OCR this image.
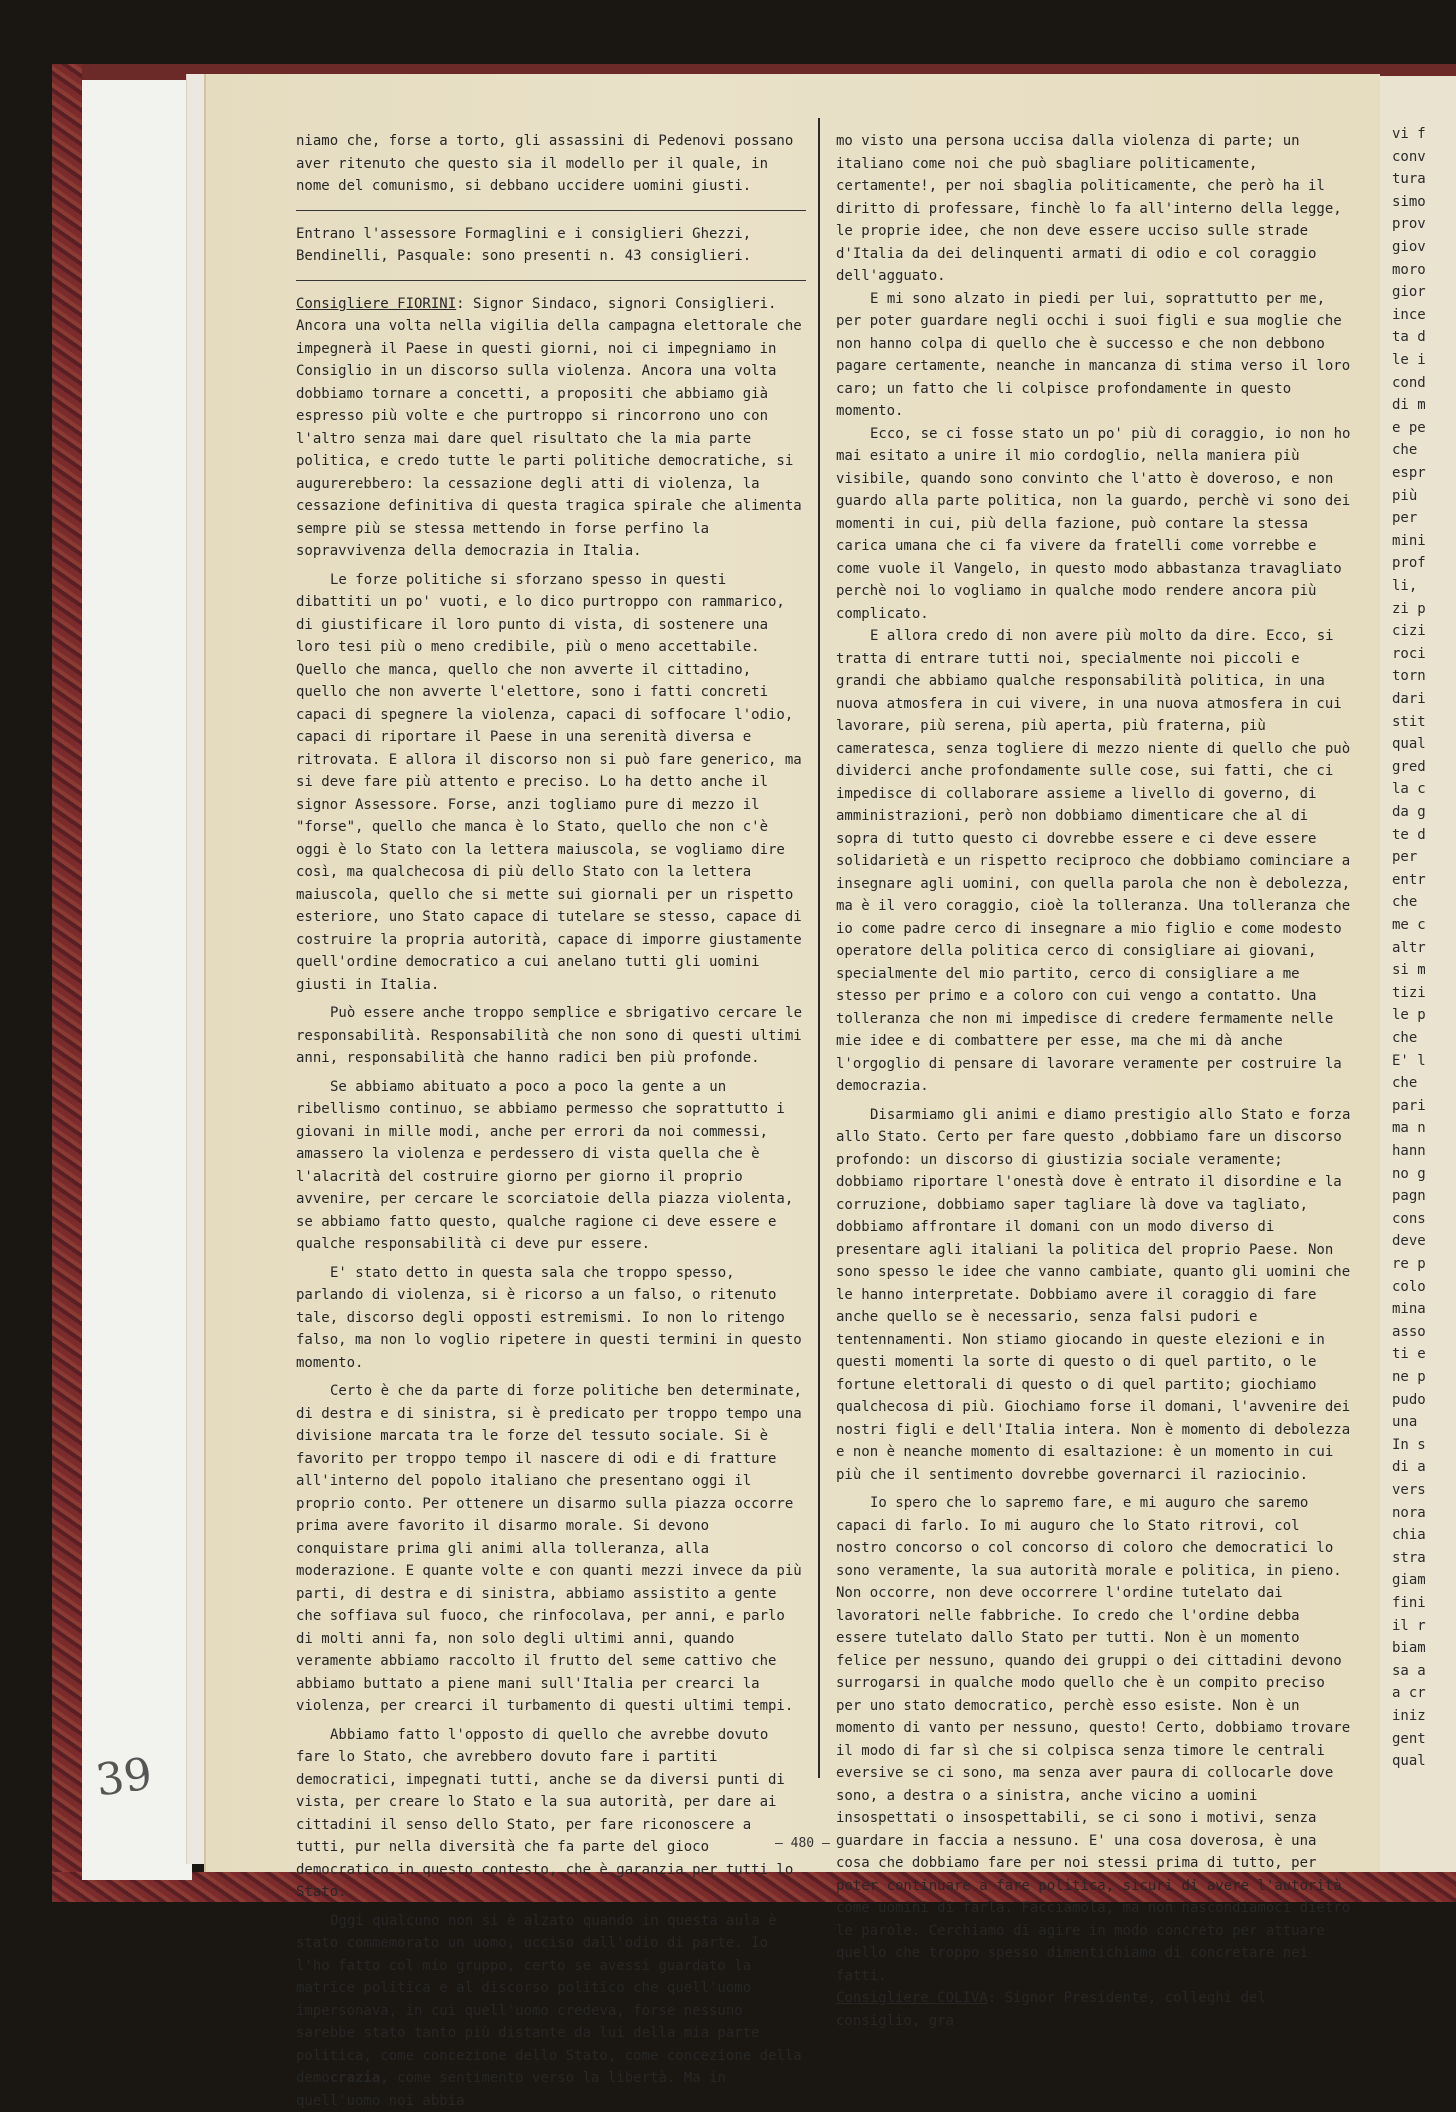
vi f
conv
tura
simo
prov
giov
moro
gior
ince
ta d
le i
cond
di m
e pe
che
espr
più
per
mini
prof
li,
zi p
cizi
roci
torn
dari
stit
qual
gred
la c
da g
te d
per
entr
che
me c
altr
si m
tizi
le p
che
E' l
che
pari
ma n
hann
no g
pagn
cons
deve
re p
colo
mina
asso
ti e
ne p
pudo
una
In s
di a
vers
nora
chia
stra
giam
fini
il r
biam
sa a
a cr
iniz
gent
qual

niamo che, forse a torto, gli assassini di Pedenovi possano aver ritenuto che questo sia il modello per il quale, in nome del comunismo, si debbano uccidere uomini giusti.

Entrano l'assessore Formaglini e i consiglieri Ghezzi, Bendinelli, Pasquale: sono presenti n. 43 consiglieri.

Consigliere FIORINI: Signor Sindaco, signori Consiglieri. Ancora una volta nella vigilia della campagna elettorale che impegnerà il Paese in questi giorni, noi ci impegniamo in Consiglio in un discorso sulla violenza. Ancora una volta dobbiamo tornare a concetti, a propositi che abbiamo già espresso più volte e che purtroppo si rincorrono uno con l'altro senza mai dare quel risultato che la mia parte politica, e credo tutte le parti politiche democratiche, si augurerebbero: la cessazione degli atti di violenza, la cessazione definitiva di questa tragica spirale che alimenta sempre più se stessa mettendo in forse perfino la sopravvivenza della democrazia in Italia.

Le forze politiche si sforzano spesso in questi dibattiti un po' vuoti, e lo dico purtroppo con rammarico, di giustificare il loro punto di vista, di sostenere una loro tesi più o meno credibile, più o meno accettabile. Quello che manca, quello che non avverte il cittadino, quello che non avverte l'elettore, sono i fatti concreti capaci di spegnere la violenza, capaci di soffocare l'odio, capaci di riportare il Paese in una serenità diversa e ritrovata. E allora il discorso non si può fare generico, ma si deve fare più attento e preciso. Lo ha detto anche il signor Assessore. Forse, anzi togliamo pure di mezzo il "forse", quello che manca è lo Stato, quello che non c'è oggi è lo Stato con la lettera maiuscola, se vogliamo dire così, ma qualchecosa di più dello Stato con la lettera maiuscola, quello che si mette sui giornali per un rispetto esteriore, uno Stato capace di tutelare se stesso, capace di costruire la propria autorità, capace di imporre giustamente quell'ordine democratico a cui anelano tutti gli uomini giusti in Italia.

Può essere anche troppo semplice e sbrigativo cercare le responsabilità. Responsabilità che non sono di questi ultimi anni, responsabilità che hanno radici ben più profonde.

Se abbiamo abituato a poco a poco la gente a un ribellismo continuo, se abbiamo permesso che soprattutto i giovani in mille modi, anche per errori da noi commessi, amassero la violenza e perdessero di vista quella che è l'alacrità del costruire giorno per giorno il proprio avvenire, per cercare le scorciatoie della piazza violenta, se abbiamo fatto questo, qualche ragione ci deve essere e qualche responsabilità ci deve pur essere.

E' stato detto in questa sala che troppo spesso, parlando di violenza, si è ricorso a un falso, o ritenuto tale, discorso degli opposti estremismi. Io non lo ritengo falso, ma non lo voglio ripetere in questi termini in questo momento.

Certo è che da parte di forze politiche ben determinate, di destra e di sinistra, si è predicato per troppo tempo una divisione marcata tra le forze del tessuto sociale. Si è favorito per troppo tempo il nascere di odi e di fratture all'interno del popolo italiano che presentano oggi il proprio conto. Per ottenere un disarmo sulla piazza occorre prima avere favorito il disarmo morale. Si devono conquistare prima gli animi alla tolleranza, alla moderazione. E quante volte e con quanti mezzi invece da più parti, di destra e di sinistra, abbiamo assistito a gente che soffiava sul fuoco, che rinfocolava, per anni, e parlo di molti anni fa, non solo degli ultimi anni, quando veramente abbiamo raccolto il frutto del seme cattivo che abbiamo buttato a piene mani sull'Italia per crearci la violenza, per crearci il turbamento di questi ultimi tempi.

Abbiamo fatto l'opposto di quello che avrebbe dovuto fare lo Stato, che avrebbero dovuto fare i partiti democratici, impegnati tutti, anche se da diversi punti di vista, per creare lo Stato e la sua autorità, per dare ai cittadini il senso dello Stato, per fare riconoscere a tutti, pur nella diversità che fa parte del gioco democratico in questo contesto, che è garanzia per tutti lo Stato.

Oggi qualcuno non si è alzato quando in questa aula è stato commemorato un uomo, ucciso dall'odio di parte. Io l'ho fatto col mio gruppo, certo se avessi guardato la matrice politica e al discorso politico che quell'uomo impersonava, in cui quell'uomo credeva, forse nessuno sarebbe stato tanto più distante da lui della mia parte politica, come concezione dello Stato, come concezione della democrazia, come sentimento verso la libertà. Ma in quell'uomo noi abbia

mo visto una persona uccisa dalla violenza di parte; un italiano come noi che può sbagliare politicamente, certamente!, per noi sbaglia politicamente, che però ha il diritto di professare, finchè lo fa all'interno della legge, le proprie idee, che non deve essere ucciso sulle strade d'Italia da dei delinquenti armati di odio e col coraggio dell'agguato.

E mi sono alzato in piedi per lui, soprattutto per me, per poter guardare negli occhi i suoi figli e sua moglie che non hanno colpa di quello che è successo e che non debbono pagare certamente, neanche in mancanza di stima verso il loro caro; un fatto che li colpisce profondamente in questo momento.

Ecco, se ci fosse stato un po' più di coraggio, io non ho mai esitato a unire il mio cordoglio, nella maniera più visibile, quando sono convinto che l'atto è doveroso, e non guardo alla parte politica, non la guardo, perchè vi sono dei momenti in cui, più della fazione, può contare la stessa carica umana che ci fa vivere da fratelli come vorrebbe e come vuole il Vangelo, in questo modo abbastanza travagliato perchè noi lo vogliamo in qualche modo rendere ancora più complicato.

E allora credo di non avere più molto da dire. Ecco, si tratta di entrare tutti noi, specialmente noi piccoli e grandi che abbiamo qualche responsabilità politica, in una nuova atmosfera in cui vivere, in una nuova atmosfera in cui lavorare, più serena, più aperta, più fraterna, più cameratesca, senza togliere di mezzo niente di quello che può dividerci anche profondamente sulle cose, sui fatti, che ci impedisce di collaborare assieme a livello di governo, di amministrazioni, però non dobbiamo dimenticare che al di sopra di tutto questo ci dovrebbe essere e ci deve essere solidarietà e un rispetto reciproco che dobbiamo cominciare a insegnare agli uomini, con quella parola che non è debolezza, ma è il vero coraggio, cioè la tolleranza. Una tolleranza che io come padre cerco di insegnare a mio figlio e come modesto operatore della politica cerco di consigliare ai giovani, specialmente del mio partito, cerco di consigliare a me stesso per primo e a coloro con cui vengo a contatto. Una tolleranza che non mi impedisce di credere fermamente nelle mie idee e di combattere per esse, ma che mi dà anche l'orgoglio di pensare di lavorare veramente per costruire la democrazia.

Disarmiamo gli animi e diamo prestigio allo Stato e forza allo Stato. Certo per fare questo ,dobbiamo fare un discorso profondo: un discorso di giustizia sociale veramente; dobbiamo riportare l'onestà dove è entrato il disordine e la corruzione, dobbiamo saper tagliare là dove va tagliato, dobbiamo affrontare il domani con un modo diverso di presentare agli italiani la politica del proprio Paese. Non sono spesso le idee che vanno cambiate, quanto gli uomini che le hanno interpretate. Dobbiamo avere il coraggio di fare anche quello se è necessario, senza falsi pudori e tentennamenti. Non stiamo giocando in queste elezioni e in questi momenti la sorte di questo o di quel partito, o le fortune elettorali di questo o di quel partito; giochiamo qualchecosa di più. Giochiamo forse il domani, l'avvenire dei nostri figli e dell'Italia intera. Non è momento di debolezza e non è neanche momento di esaltazione: è un momento in cui più che il sentimento dovrebbe governarci il raziocinio.

Io spero che lo sapremo fare, e mi auguro che saremo capaci di farlo. Io mi auguro che lo Stato ritrovi, col nostro concorso o col concorso di coloro che democratici lo sono veramente, la sua autorità morale e politica, in pieno. Non occorre, non deve occorrere l'ordine tutelato dai lavoratori nelle fabbriche. Io credo che l'ordine debba essere tutelato dallo Stato per tutti. Non è un momento felice per nessuno, quando dei gruppi o dei cittadini devono surrogarsi in qualche modo quello che è un compito preciso per uno stato democratico, perchè esso esiste. Non è un momento di vanto per nessuno, questo! Certo, dobbiamo trovare il modo di far sì che si colpisca senza timore le centrali eversive se ci sono, ma senza aver paura di collocarle dove sono, a destra o a sinistra, anche vicino a uomini insospettati o insospettabili, se ci sono i motivi, senza guardare in faccia a nessuno. E' una cosa doverosa, è una cosa che dobbiamo fare per noi stessi prima di tutto, per poter continuare a fare politica, sicuri di avere l'autorità come uomini di farla. Facciamola, ma non nascondiamoci dietro le parole. Cerchiamo di agire in modo concreto per attuare quello che troppo spesso dimentichiamo di concretare nei fatti.

Consigliere COLIVA: Signor Presidente, colleghi del consiglio, gra

– 480 –
39
